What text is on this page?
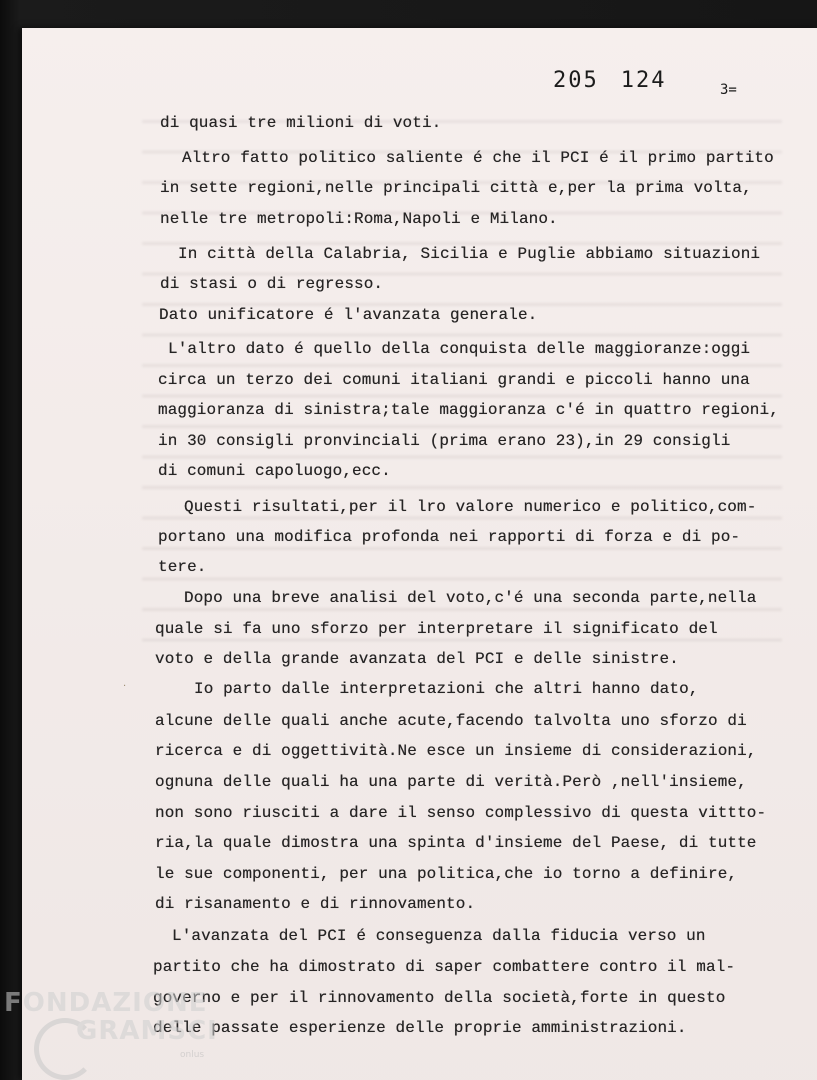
205 124	3=
di quasi tre milioni di voti.
Altro fatto politico saliente é che il PCI é il primo partito
in sette regioni,nelle principali città e,per la prima volta,
nelle tre metropoli:Roma,Napoli e Milano.
In città della Calabria, Sicilia e Puglie abbiamo situazioni
di stasi o di regresso.
Dato unificatore é l'avanzata generale.
L'altro dato é quello della conquista delle maggioranze:oggi
circa un terzo dei comuni italiani grandi e piccoli hanno una
maggioranza di sinistra;tale maggioranza c'é in quattro regioni,
in 30 consigli pronvinciali (prima erano 23),in 29 consigli
di comuni capoluogo,ecc.
Questi risultati,per il lro valore numerico e politico,com-
portano una modifica profonda nei rapporti di forza e di po-
tere.
Dopo una breve analisi del voto,c'é una seconda parte,nella
quale si fa uno sforzo per interpretare il significato del
voto e della grande avanzata del PCI e delle sinistre.
Io parto dalle interpretazioni che altri hanno dato,
alcune delle quali anche acute,facendo talvolta uno sforzo di
ricerca e di oggettività.Ne esce un insieme di considerazioni,
ognuna delle quali ha una parte di verità.Però ,nell'insieme,
non sono riusciti a dare il senso complessivo di questa vittto-
ria,la quale dimostra una spinta d'insieme del Paese, di tutte
le sue componenti, per una politica,che io torno a definire,
di risanamento e di rinnovamento.
L'avanzata del PCI é conseguenza dalla fiducia verso un
partito che ha dimostrato di saper combattere contro il mal-
governo e per il rinnovamento della società,forte in questo
delle passate esperienze delle proprie amministrazioni.
·
FONDAZIONE
GRAMSCI
onlus
